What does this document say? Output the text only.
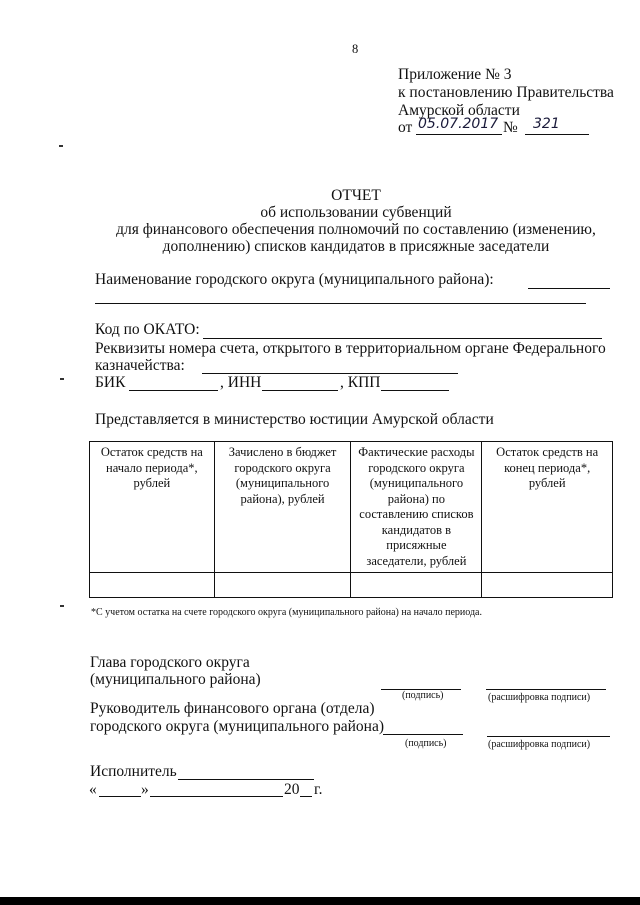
8
Приложение № 3
к постановлению Правительства
Амурской области
от 05.07.2017 № 321
ОТЧЕТ
об использовании субвенций
для финансового обеспечения полномочий по составлению (изменению,
дополнению) списков кандидатов в присяжные заседатели
Наименование городского округа (муниципального района):
Код по ОКАТО:
Реквизиты номера счета, открытого в территориальном органе Федерального
казначейства:
БИК	, ИНН	, КПП
Представляется в министерство юстиции Амурской области
Остаток средств на начало периода*, рублей	Зачислено в бюджет городского округа (муниципального района), рублей	Фактические расходы городского округа (муниципального района) по составлению списков кандидатов в присяжные заседатели, рублей	Остаток средств на конец периода*, рублей

*С учетом остатка на счете городского округа (муниципального района) на начало периода.
Глава городского округа
(муниципального района)
(подпись)	(расшифровка подписи)
Руководитель финансового органа (отдела)
городского округа (муниципального района)
(подпись)	(расшифровка подписи)
Исполнитель
«	»	20 г.
